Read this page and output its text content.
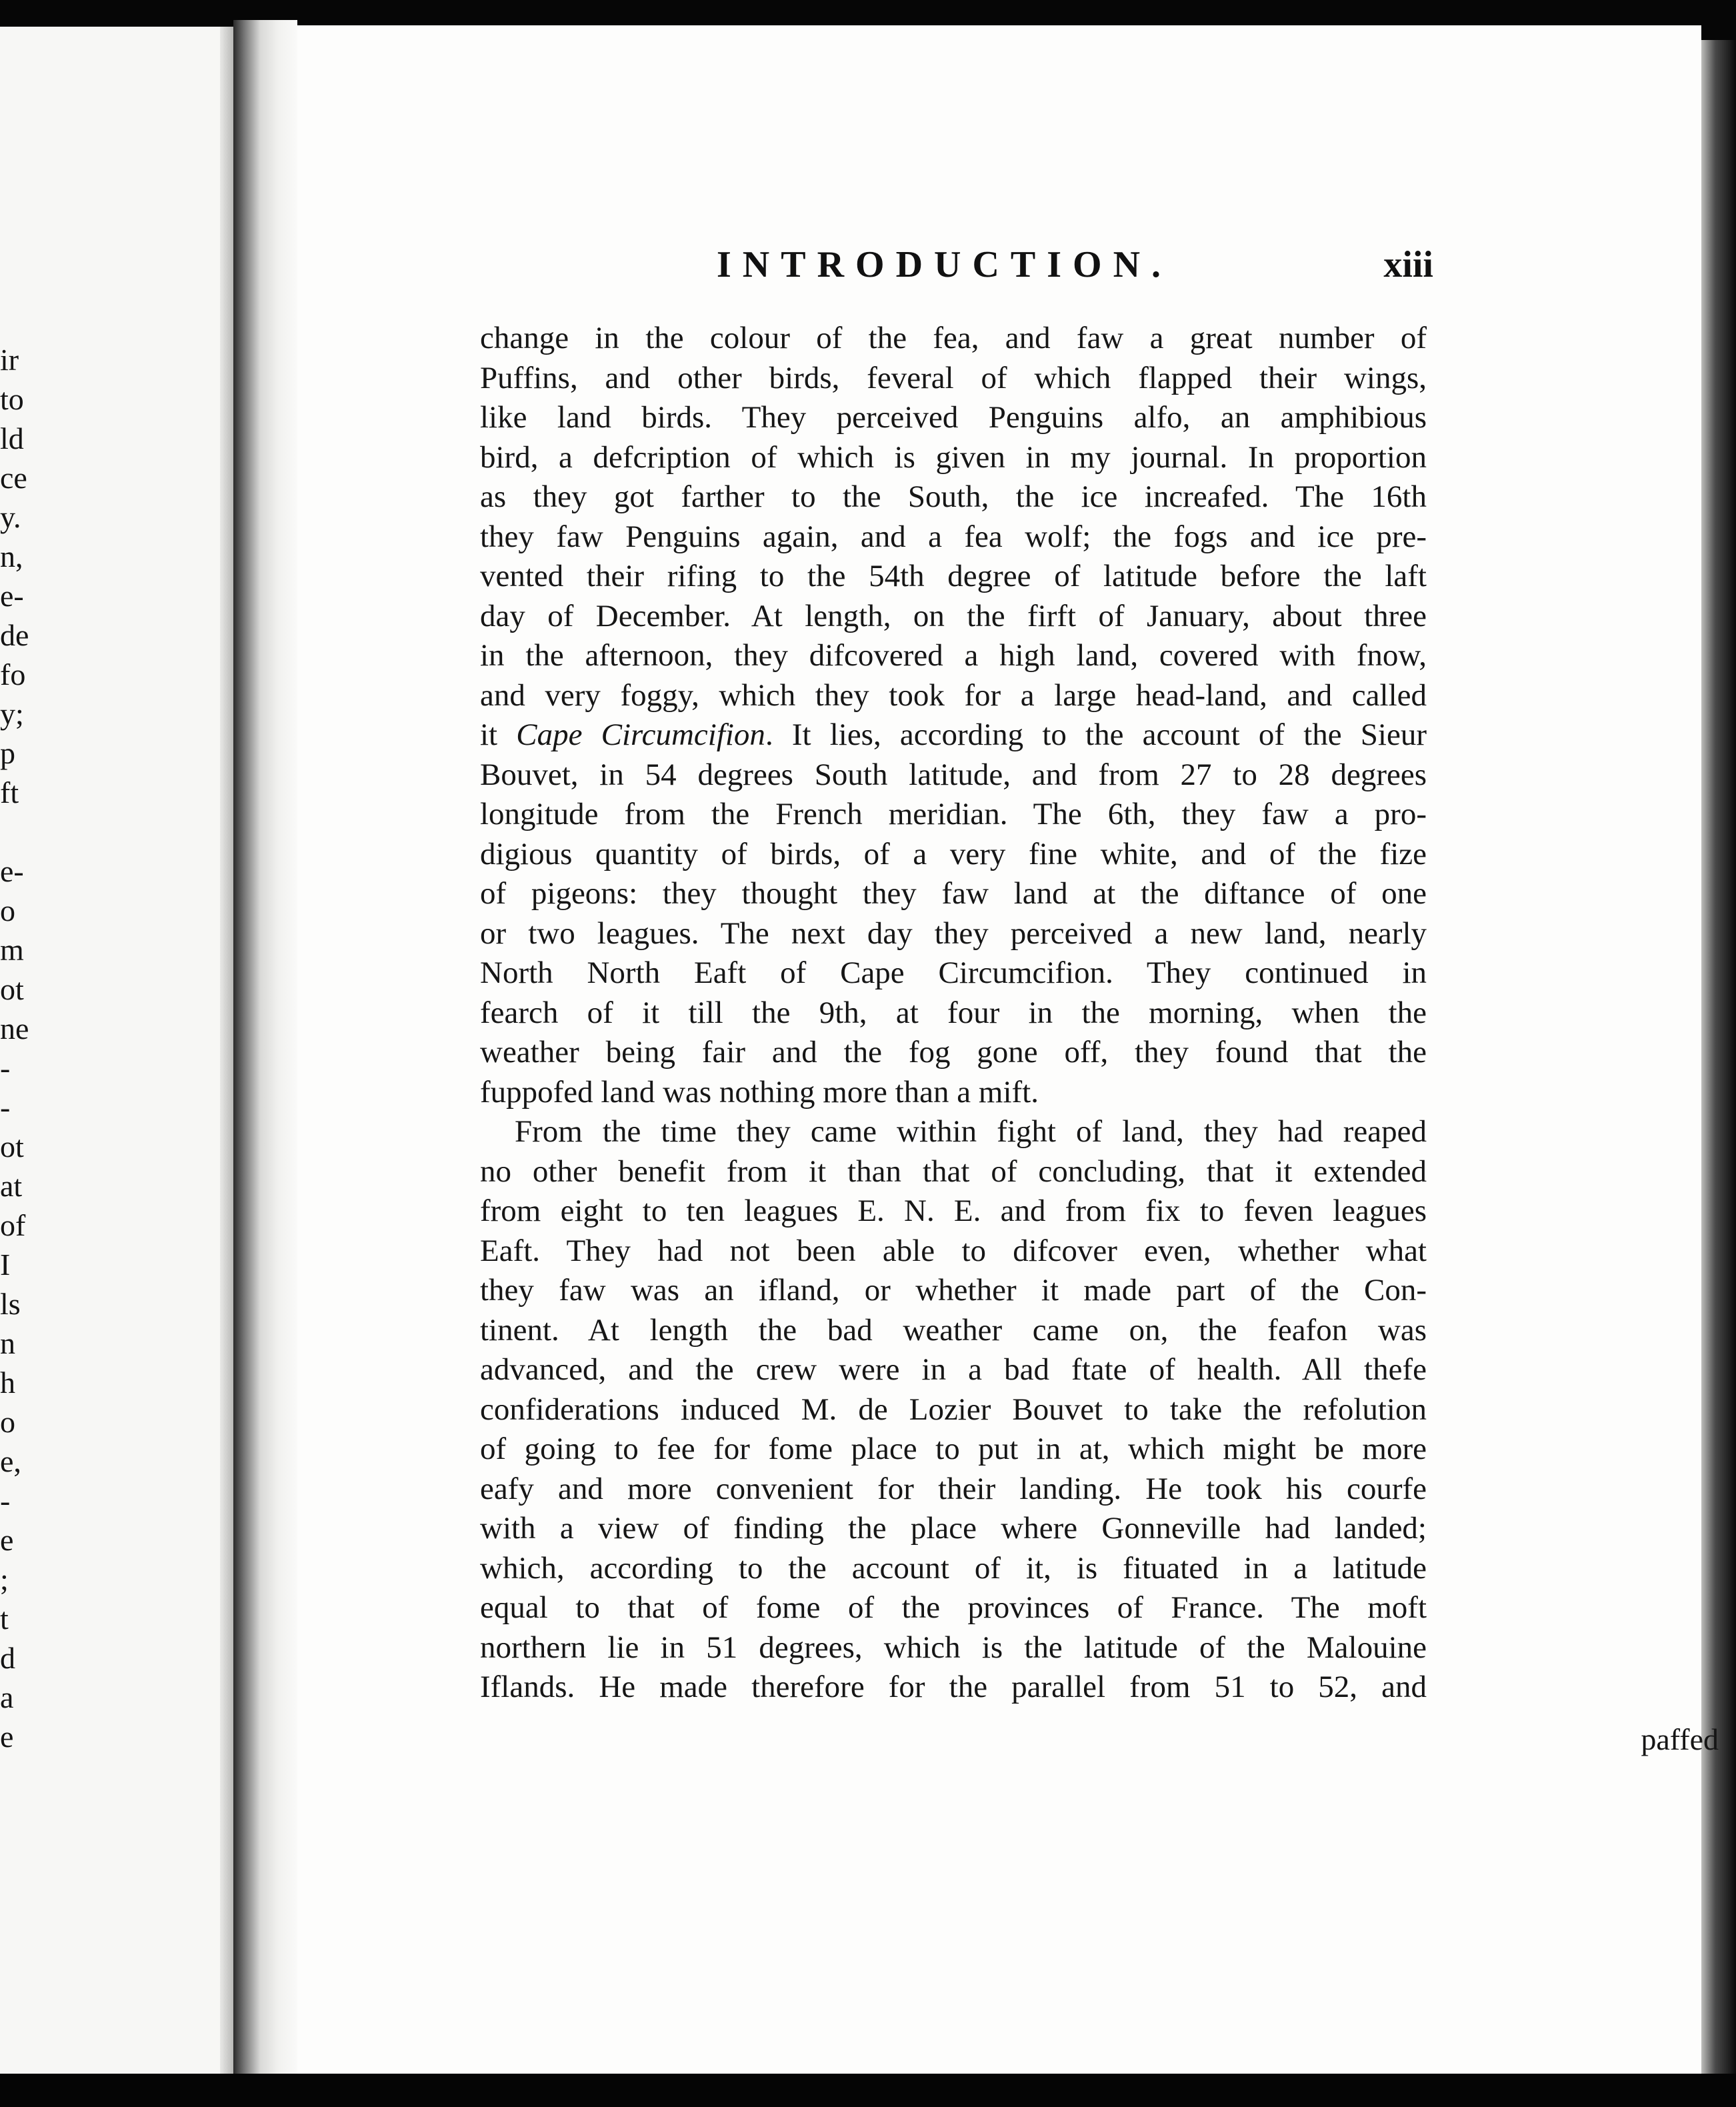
ir
to
ld
ce
y.
n,
e-
de
fo
y;
p
ft
e-
o
m
ot
ne
-
-
ot
at
of
I
ls
n
h
o
e,
-
e
;
t
d
a
e
INTRODUCTION.	xiii
change in the colour of the fea, and faw a great number of
Puffins, and other birds, feveral of which flapped their wings,
like land birds. They perceived Penguins alfo, an amphibious
bird, a defcription of which is given in my journal. In proportion
as they got farther to the South, the ice increafed. The 16th
they faw Penguins again, and a fea wolf; the fogs and ice pre-
vented their rifing to the 54th degree of latitude before the laft
day of December. At length, on the firft of January, about three
in the afternoon, they difcovered a high land, covered with fnow,
and very foggy, which they took for a large head-land, and called
it Cape Circumcifion. It lies, according to the account of the Sieur
Bouvet, in 54 degrees South latitude, and from 27 to 28 degrees
longitude from the French meridian. The 6th, they faw a pro-
digious quantity of birds, of a very fine white, and of the fize
of pigeons: they thought they faw land at the diftance of one
or two leagues. The next day they perceived a new land, nearly
North North Eaft of Cape Circumcifion. They continued in
fearch of it till the 9th, at four in the morning, when the
weather being fair and the fog gone off, they found that the
fuppofed land was nothing more than a mift.
From the time they came within fight of land, they had reaped
no other benefit from it than that of concluding, that it extended
from eight to ten leagues E. N. E. and from fix to feven leagues
Eaft. They had not been able to difcover even, whether what
they faw was an ifland, or whether it made part of the Con-
tinent. At length the bad weather came on, the feafon was
advanced, and the crew were in a bad ftate of health. All thefe
confiderations induced M. de Lozier Bouvet to take the refolution
of going to fee for fome place to put in at, which might be more
eafy and more convenient for their landing. He took his courfe
with a view of finding the place where Gonneville had landed;
which, according to the account of it, is fituated in a latitude
equal to that of fome of the provinces of France. The moft
northern lie in 51 degrees, which is the latitude of the Malouine
Iflands. He made therefore for the parallel from 51 to 52, and
paffed
